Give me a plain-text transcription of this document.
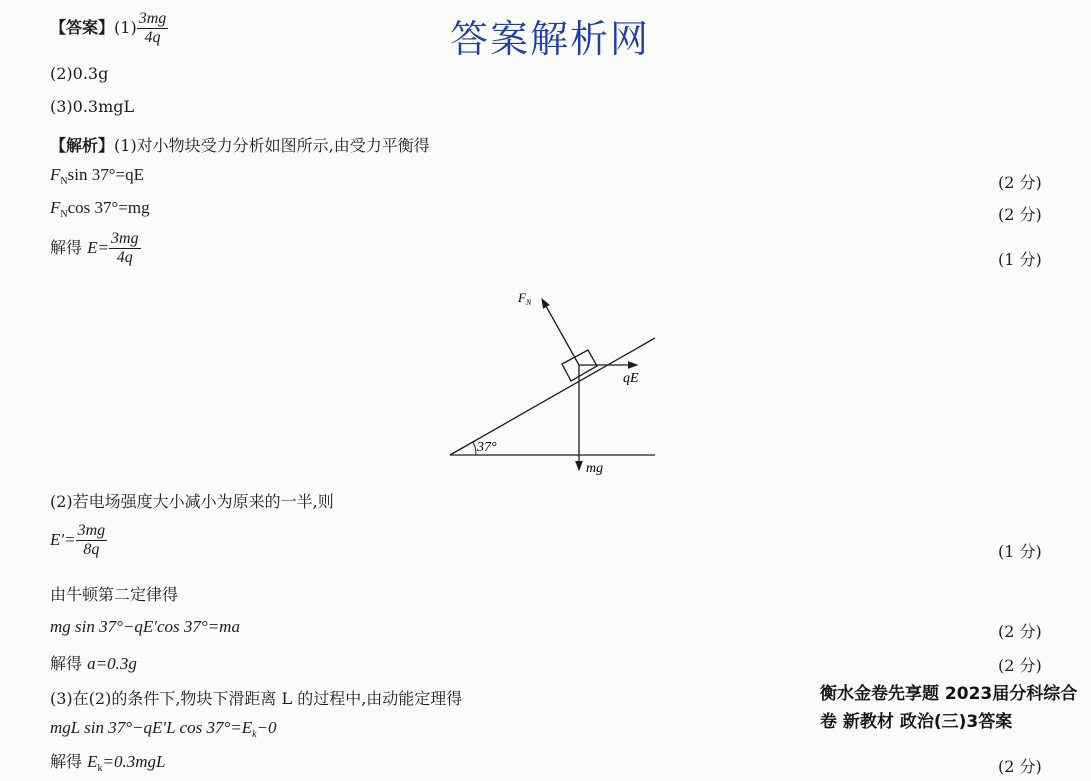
答案解析网
【答案】$(1) \frac{3mg}{4q}$
(2)0.3g
(3)0.3mgL
【解析】(1)对小物块受力分析如图所示,由受力平衡得
$F_N\sin$ 37°=qE	(2 分)
$F_N\cos$ 37°=mg	(2 分)
解得 $E= \frac{3mg}{4q}$	(1 分)
37°
$F_N$
qE
mg
(2)若电场强度大小减小为原来的一半,则
$E'= \frac{3mg}{8q}$	(1 分)
由牛顿第二定律得
mg sin 37°−qE′cos 37°=ma	(2 分)
解得 a=0.3g	(2 分)
(3)在(2)的条件下,物块下滑距离 L 的过程中,由动能定理得
mgL sin 37°−qE′L $\cos 37^\circ=E_k-0$
解得 $E_k=0.3mgL$	(2 分)
衡水金卷先享题 2023届分科综合卷 新教材 政治(三)3答案
